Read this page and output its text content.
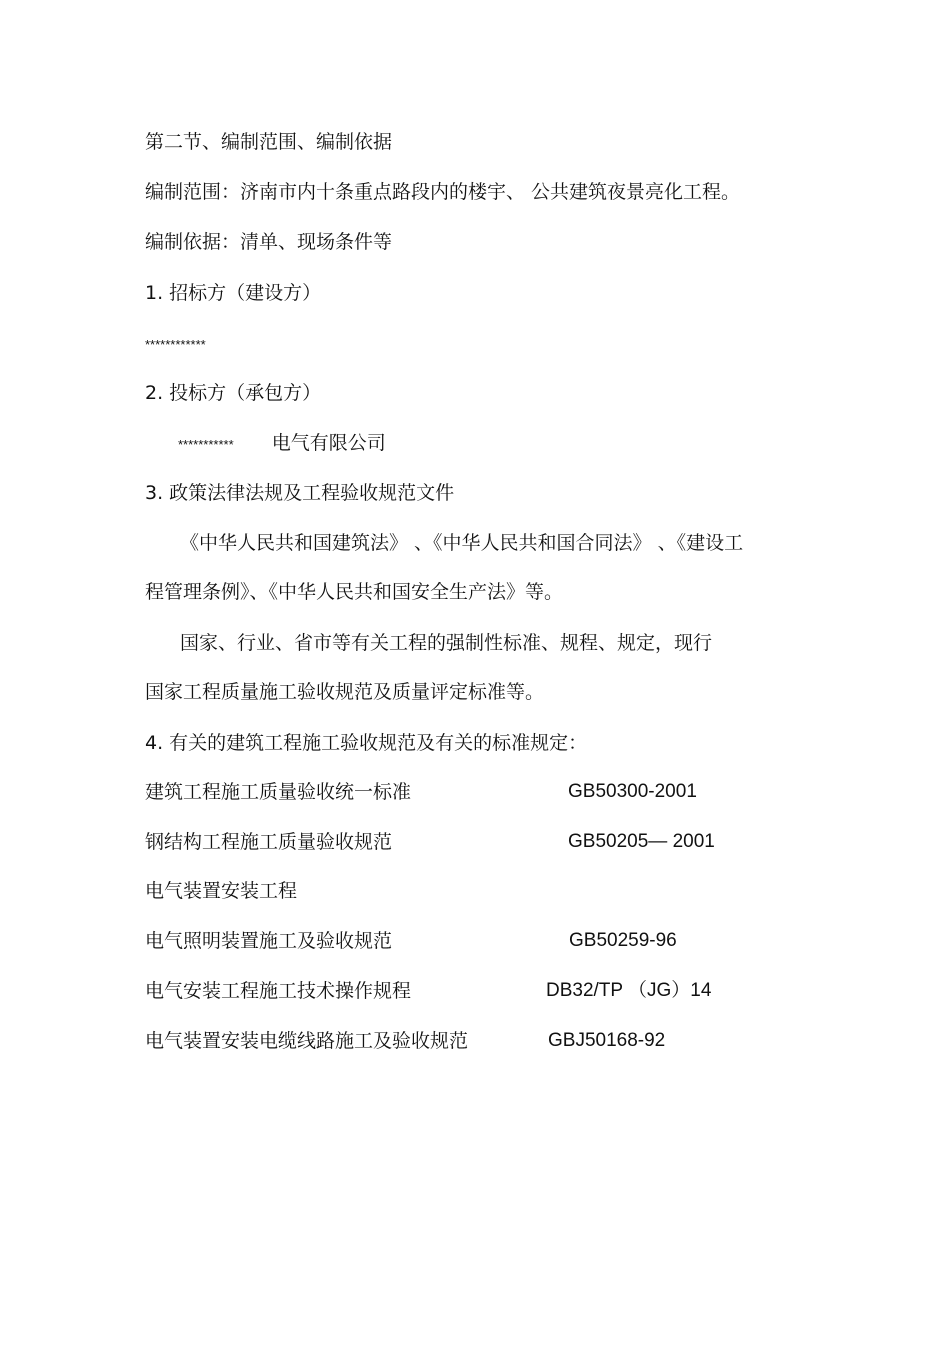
第二节、编制范围、编制依据
编制范围：济南市内十条重点路段内的楼宇、 公共建筑夜景亮化工程。
编制依据：清单、现场条件等
1. 招标方（建设方）
************
2. 投标方（承包方）
*********** 电气有限公司
3. 政策法律法规及工程验收规范文件
《中华人民共和国建筑法》 、《中华人民共和国合同法》 、《建设工
程管理条例》、《中华人民共和国安全生产法》等。
国家、行业、省市等有关工程的强制性标准、规程、规定，现行
国家工程质量施工验收规范及质量评定标准等。
4. 有关的建筑工程施工验收规范及有关的标准规定：
建筑工程施工质量验收统一标准	GB50300-2001
钢结构工程施工质量验收规范	GB50205— 2001
电气装置安装工程
电气照明装置施工及验收规范	GB50259-96
电气安装工程施工技术操作规程	DB32/TP （JG）14
电气装置安装电缆线路施工及验收规范	GBJ50168-92
